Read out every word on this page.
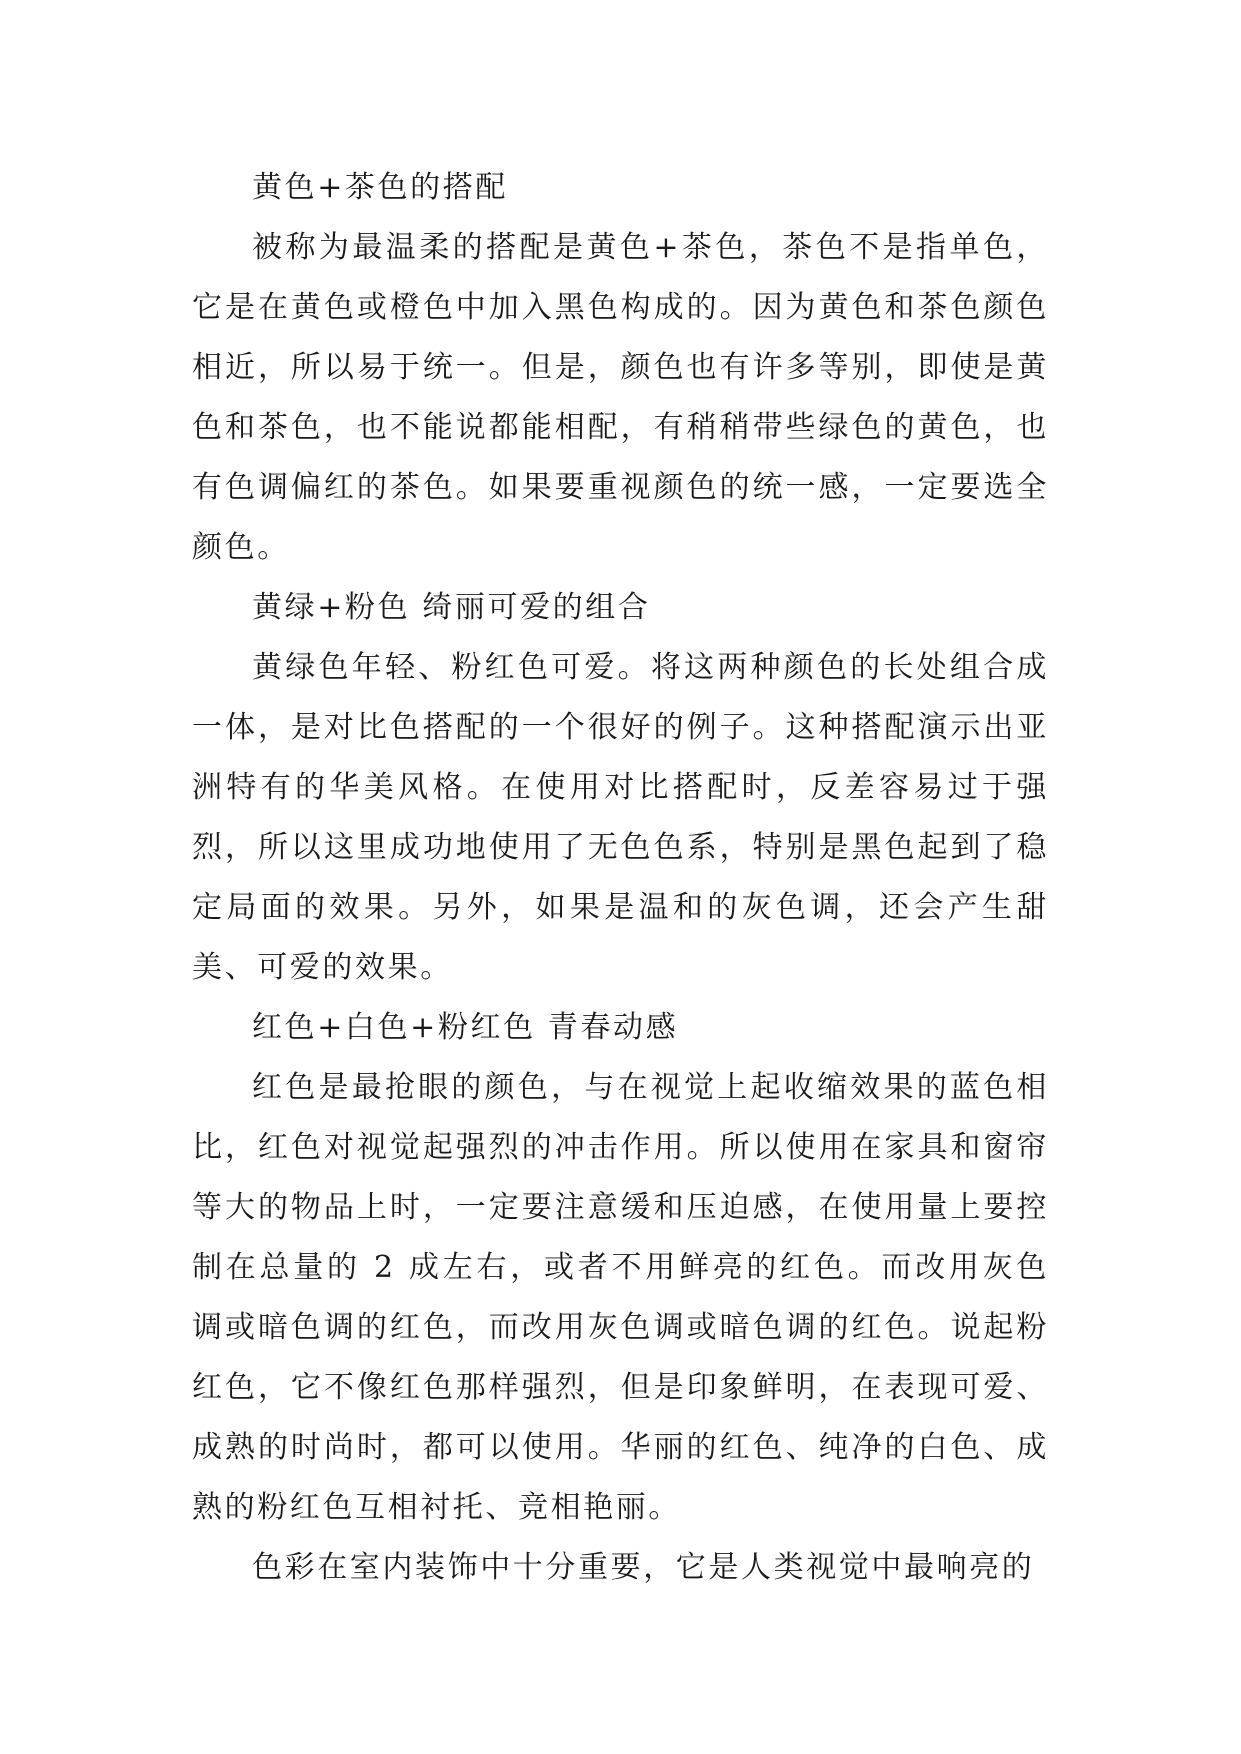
黄色+茶色的搭配

被称为最温柔的搭配是黄色+茶色，茶色不是指单色，它是在黄色或橙色中加入黑色构成的。因为黄色和茶色颜色相近，所以易于统一。但是，颜色也有许多等别，即使是黄色和茶色，也不能说都能相配，有稍稍带些绿色的黄色，也有色调偏红的茶色。如果要重视颜色的统一感，一定要选全颜色。

黄绿+粉色 绮丽可爱的组合

黄绿色年轻、粉红色可爱。将这两种颜色的长处组合成一体，是对比色搭配的一个很好的例子。这种搭配演示出亚洲特有的华美风格。在使用对比搭配时，反差容易过于强烈，所以这里成功地使用了无色色系，特别是黑色起到了稳定局面的效果。另外，如果是温和的灰色调，还会产生甜美、可爱的效果。

红色+白色+粉红色 青春动感

红色是最抢眼的颜色，与在视觉上起收缩效果的蓝色相比，红色对视觉起强烈的冲击作用。所以使用在家具和窗帘等大的物品上时，一定要注意缓和压迫感，在使用量上要控制在总量的 2 成左右，或者不用鲜亮的红色。而改用灰色调或暗色调的红色，而改用灰色调或暗色调的红色。说起粉红色，它不像红色那样强烈，但是印象鲜明，在表现可爱、成熟的时尚时，都可以使用。华丽的红色、纯净的白色、成熟的粉红色互相衬托、竞相艳丽。

色彩在室内装饰中十分重要，它是人类视觉中最响亮的
